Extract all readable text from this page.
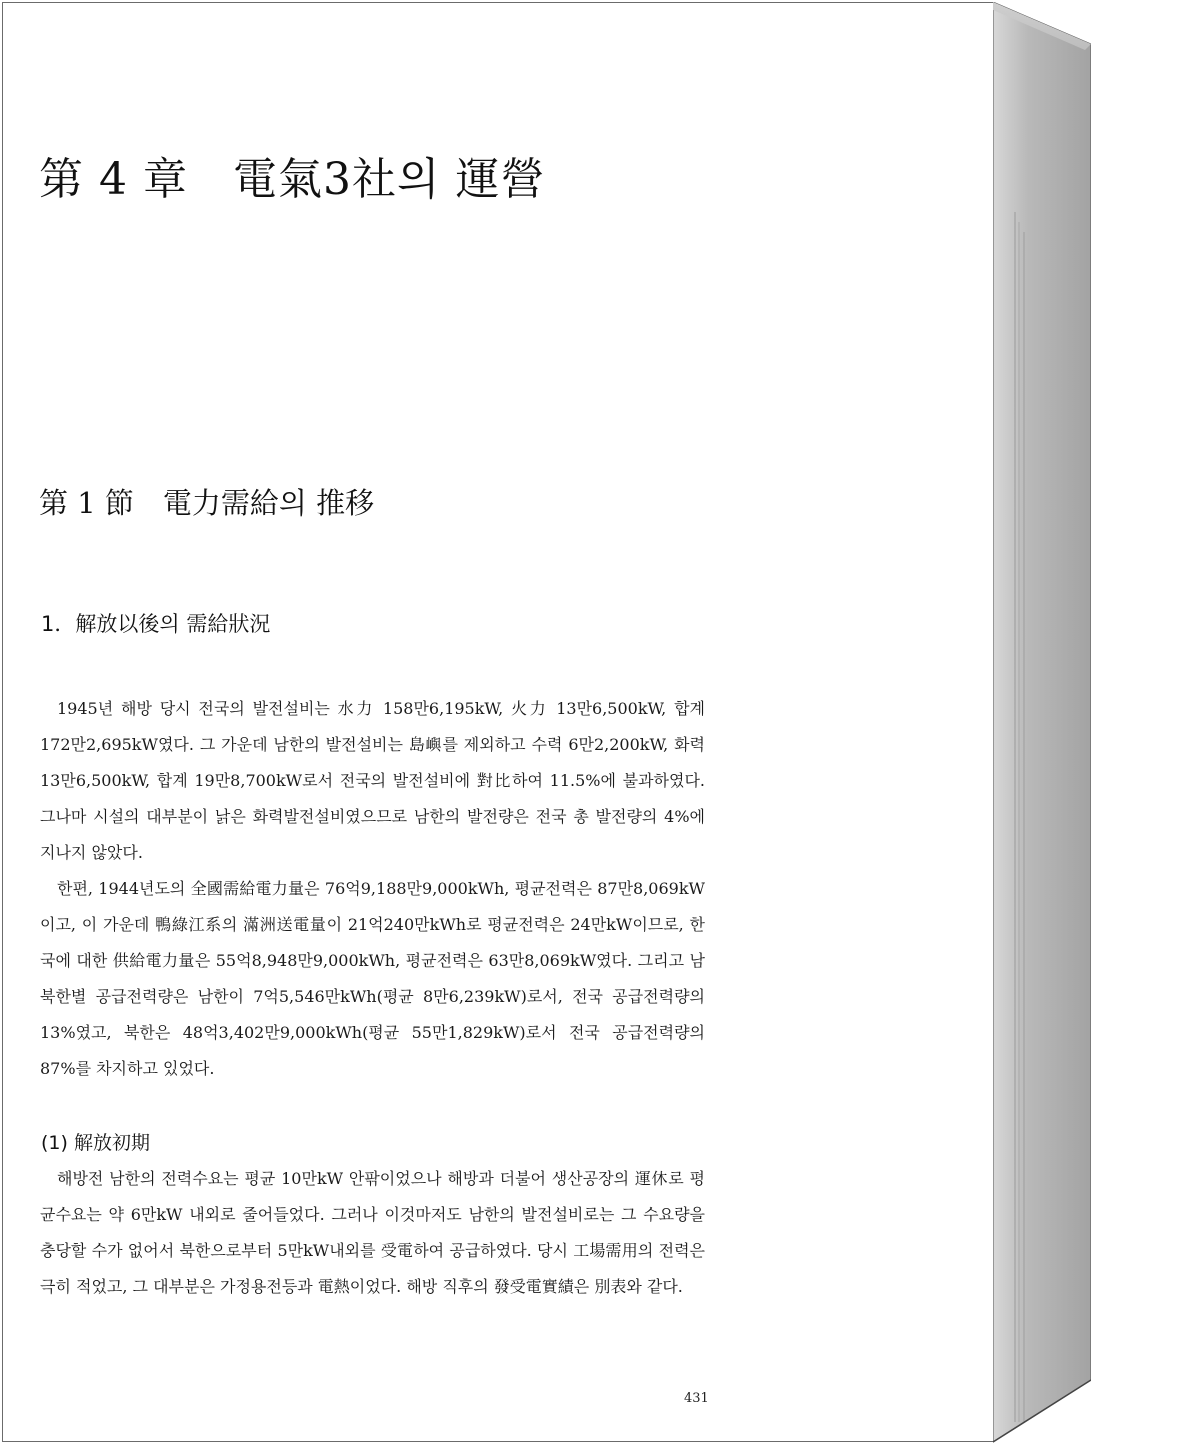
第 4 章　電氣3社의 運營
第 1 節　電力需給의 推移
1．解放以後의 需給狀況

1945년 해방 당시 전국의 발전설비는 水力 158만6,195kW, 火力 13만6,500kW, 합계 172만2,695kW였다. 그 가운데 남한의 발전설비는 島嶼를 제외하고 수력 6만2,200kW, 화력 13만6,500kW, 합계 19만8,700kW로서 전국의 발전설비에 對比하여 11.5%에 불과하였다. 그나마 시설의 대부분이 낡은 화력발전설비였으므로 남한의 발전량은 전국 총 발전량의 4%에 지나지 않았다.

한편, 1944년도의 全國需給電力量은 76억9,188만9,000kWh, 평균전력은 87만8,069kW이고, 이 가운데 鴨綠江系의 滿洲送電量이 21억240만kWh로 평균전력은 24만kW이므로, 한국에 대한 供給電力量은 55억8,948만9,000kWh, 평균전력은 63만8,069kW였다. 그리고 남북한별 공급전력량은 남한이 7억5,546만kWh(평균 8만6,239kW)로서, 전국 공급전력량의 13%였고, 북한은 48억3,402만9,000kWh(평균 55만1,829kW)로서 전국 공급전력량의 87%를 차지하고 있었다.

(1) 解放初期

해방전 남한의 전력수요는 평균 10만kW 안팎이었으나 해방과 더불어 생산공장의 運休로 평균수요는 약 6만kW 내외로 줄어들었다. 그러나 이것마저도 남한의 발전설비로는 그 수요량을 충당할 수가 없어서 북한으로부터 5만kW내외를 受電하여 공급하였다. 당시 工場需用의 전력은 극히 적었고, 그 대부분은 가정용전등과 電熱이었다. 해방 직후의 發受電實績은 別表와 같다.

431
